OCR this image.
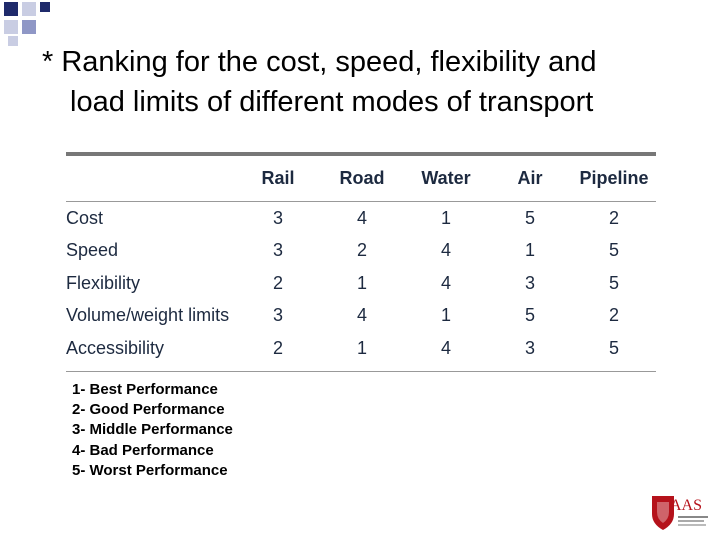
* Ranking for the cost, speed, flexibility and
load limits of different modes of transport
	Rail	Road	Water	Air	Pipeline

Cost	3	4	1	5	2
Speed	3	2	4	1	5
Flexibility	2	1	4	3	5
Volume/weight limits	3	4	1	5	2
Accessibility	2	1	4	3	5
1- Best Performance
2- Good Performance
3- Middle Performance
4- Bad Performance
5- Worst Performance
AAS
